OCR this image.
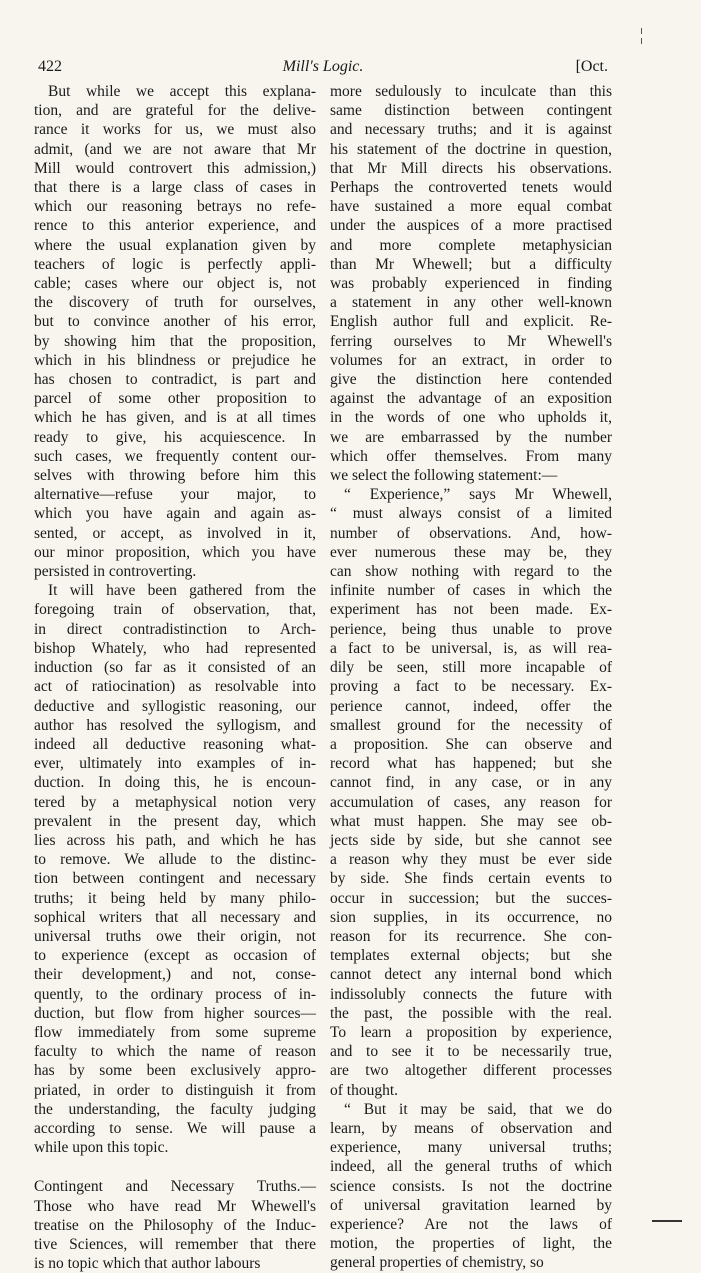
422	Mill's Logic.	[Oct.
But while we accept this explana-
tion, and are grateful for the delive-
rance it works for us, we must also
admit, (and we are not aware that Mr
Mill would controvert this admission,)
that there is a large class of cases in
which our reasoning betrays no refe-
rence to this anterior experience, and
where the usual explanation given by
teachers of logic is perfectly appli-
cable; cases where our object is, not
the discovery of truth for ourselves,
but to convince another of his error,
by showing him that the proposition,
which in his blindness or prejudice he
has chosen to contradict, is part and
parcel of some other proposition to
which he has given, and is at all times
ready to give, his acquiescence. In
such cases, we frequently content our-
selves with throwing before him this
alternative—refuse your major, to
which you have again and again as-
sented, or accept, as involved in it,
our minor proposition, which you have
persisted in controverting.
It will have been gathered from the
foregoing train of observation, that,
in direct contradistinction to Arch-
bishop Whately, who had represented
induction (so far as it consisted of an
act of ratiocination) as resolvable into
deductive and syllogistic reasoning, our
author has resolved the syllogism, and
indeed all deductive reasoning what-
ever, ultimately into examples of in-
duction. In doing this, he is encoun-
tered by a metaphysical notion very
prevalent in the present day, which
lies across his path, and which he has
to remove. We allude to the distinc-
tion between contingent and necessary
truths; it being held by many philo-
sophical writers that all necessary and
universal truths owe their origin, not
to experience (except as occasion of
their development,) and not, conse-
quently, to the ordinary process of in-
duction, but flow from higher sources—
flow immediately from some supreme
faculty to which the name of reason
has by some been exclusively appro-
priated, in order to distinguish it from
the understanding, the faculty judging
according to sense. We will pause a
while upon this topic.
Contingent and Necessary Truths.—
Those who have read Mr Whewell's
treatise on the Philosophy of the Induc-
tive Sciences, will remember that there
is no topic which that author labours
more sedulously to inculcate than this
same distinction between contingent
and necessary truths; and it is against
his statement of the doctrine in question,
that Mr Mill directs his observations.
Perhaps the controverted tenets would
have sustained a more equal combat
under the auspices of a more practised
and more complete metaphysician
than Mr Whewell; but a difficulty
was probably experienced in finding
a statement in any other well-known
English author full and explicit. Re-
ferring ourselves to Mr Whewell's
volumes for an extract, in order to
give the distinction here contended
against the advantage of an exposition
in the words of one who upholds it,
we are embarrassed by the number
which offer themselves. From many
we select the following statement:—
“ Experience,” says Mr Whewell,
“ must always consist of a limited
number of observations. And, how-
ever numerous these may be, they
can show nothing with regard to the
infinite number of cases in which the
experiment has not been made. Ex-
perience, being thus unable to prove
a fact to be universal, is, as will rea-
dily be seen, still more incapable of
proving a fact to be necessary. Ex-
perience cannot, indeed, offer the
smallest ground for the necessity of
a proposition. She can observe and
record what has happened; but she
cannot find, in any case, or in any
accumulation of cases, any reason for
what must happen. She may see ob-
jects side by side, but she cannot see
a reason why they must be ever side
by side. She finds certain events to
occur in succession; but the succes-
sion supplies, in its occurrence, no
reason for its recurrence. She con-
templates external objects; but she
cannot detect any internal bond which
indissolubly connects the future with
the past, the possible with the real.
To learn a proposition by experience,
and to see it to be necessarily true,
are two altogether different processes
of thought.
“ But it may be said, that we do
learn, by means of observation and
experience, many universal truths;
indeed, all the general truths of which
science consists. Is not the doctrine
of universal gravitation learned by
experience? Are not the laws of
motion, the properties of light, the
general properties of chemistry, so
